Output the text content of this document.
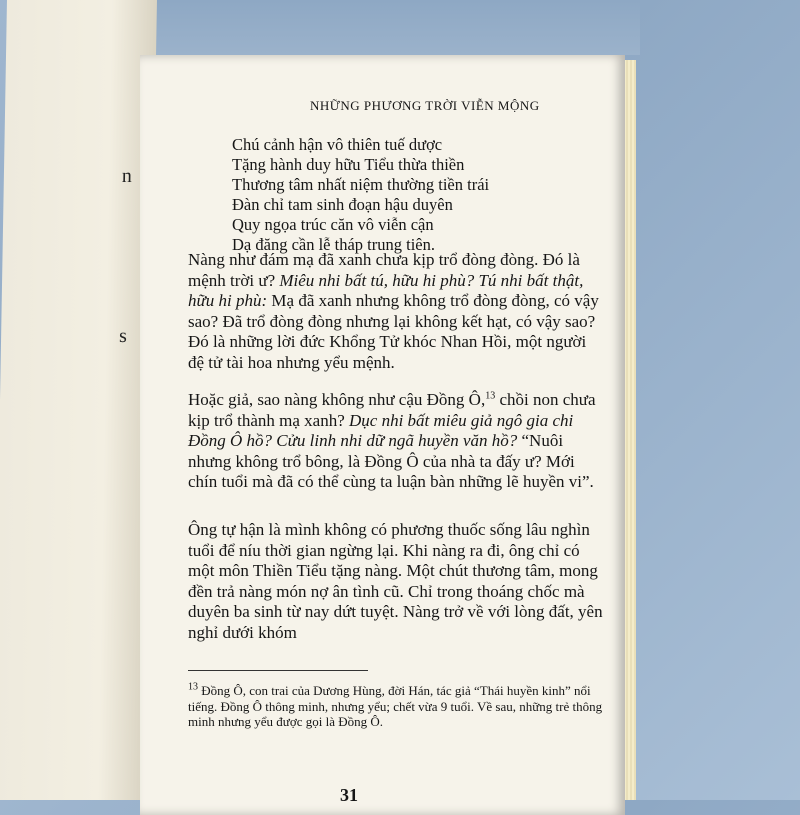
n
s
NHỮNG PHƯƠNG TRỜI VIỄN MỘNG
Chú cảnh hận vô thiên tuế dược
Tặng hành duy hữu Tiểu thừa thiền
Thương tâm nhất niệm thường tiền trái
Đàn chỉ tam sinh đoạn hậu duyên
Quy ngọa trúc căn vô viễn cận
Dạ đăng cần lễ tháp trung tiên.
Nàng như đám mạ đã xanh chưa kịp trổ đòng đòng. Đó là mệnh trời ư? Miêu nhi bất tú, hữu hi phù? Tú nhi bất thật, hữu hi phù: Mạ đã xanh nhưng không trổ đòng đòng, có vậy sao? Đã trổ đòng đòng nhưng lại không kết hạt, có vậy sao? Đó là những lời đức Khổng Tử khóc Nhan Hồi, một người đệ tử tài hoa nhưng yểu mệnh.
Hoặc giả, sao nàng không như cậu Đồng Ô,$^{13}$ chồi non chưa kịp trổ thành mạ xanh? Dục nhi bất miêu giả ngô gia chi Đồng Ô hồ? Cửu linh nhi dữ ngã huyền văn hồ? “Nuôi nhưng không trổ bông, là Đồng Ô của nhà ta đấy ư? Mới chín tuổi mà đã có thể cùng ta luận bàn những lẽ huyền vi”.
Ông tự hận là mình không có phương thuốc sống lâu nghìn tuổi để níu thời gian ngừng lại. Khi nàng ra đi, ông chỉ có một môn Thiền Tiểu tặng nàng. Một chút thương tâm, mong đền trả nàng món nợ ân tình cũ. Chỉ trong thoáng chốc mà duyên ba sinh từ nay dứt tuyệt. Nàng trở về với lòng đất, yên nghỉ dưới khóm
$^{13}$ Đồng Ô, con trai của Dương Hùng, đời Hán, tác giả “Thái huyền kinh” nổi tiếng. Đồng Ô thông minh, nhưng yểu; chết vừa 9 tuổi. Về sau, những trẻ thông minh nhưng yểu được gọi là Đồng Ô.
31
